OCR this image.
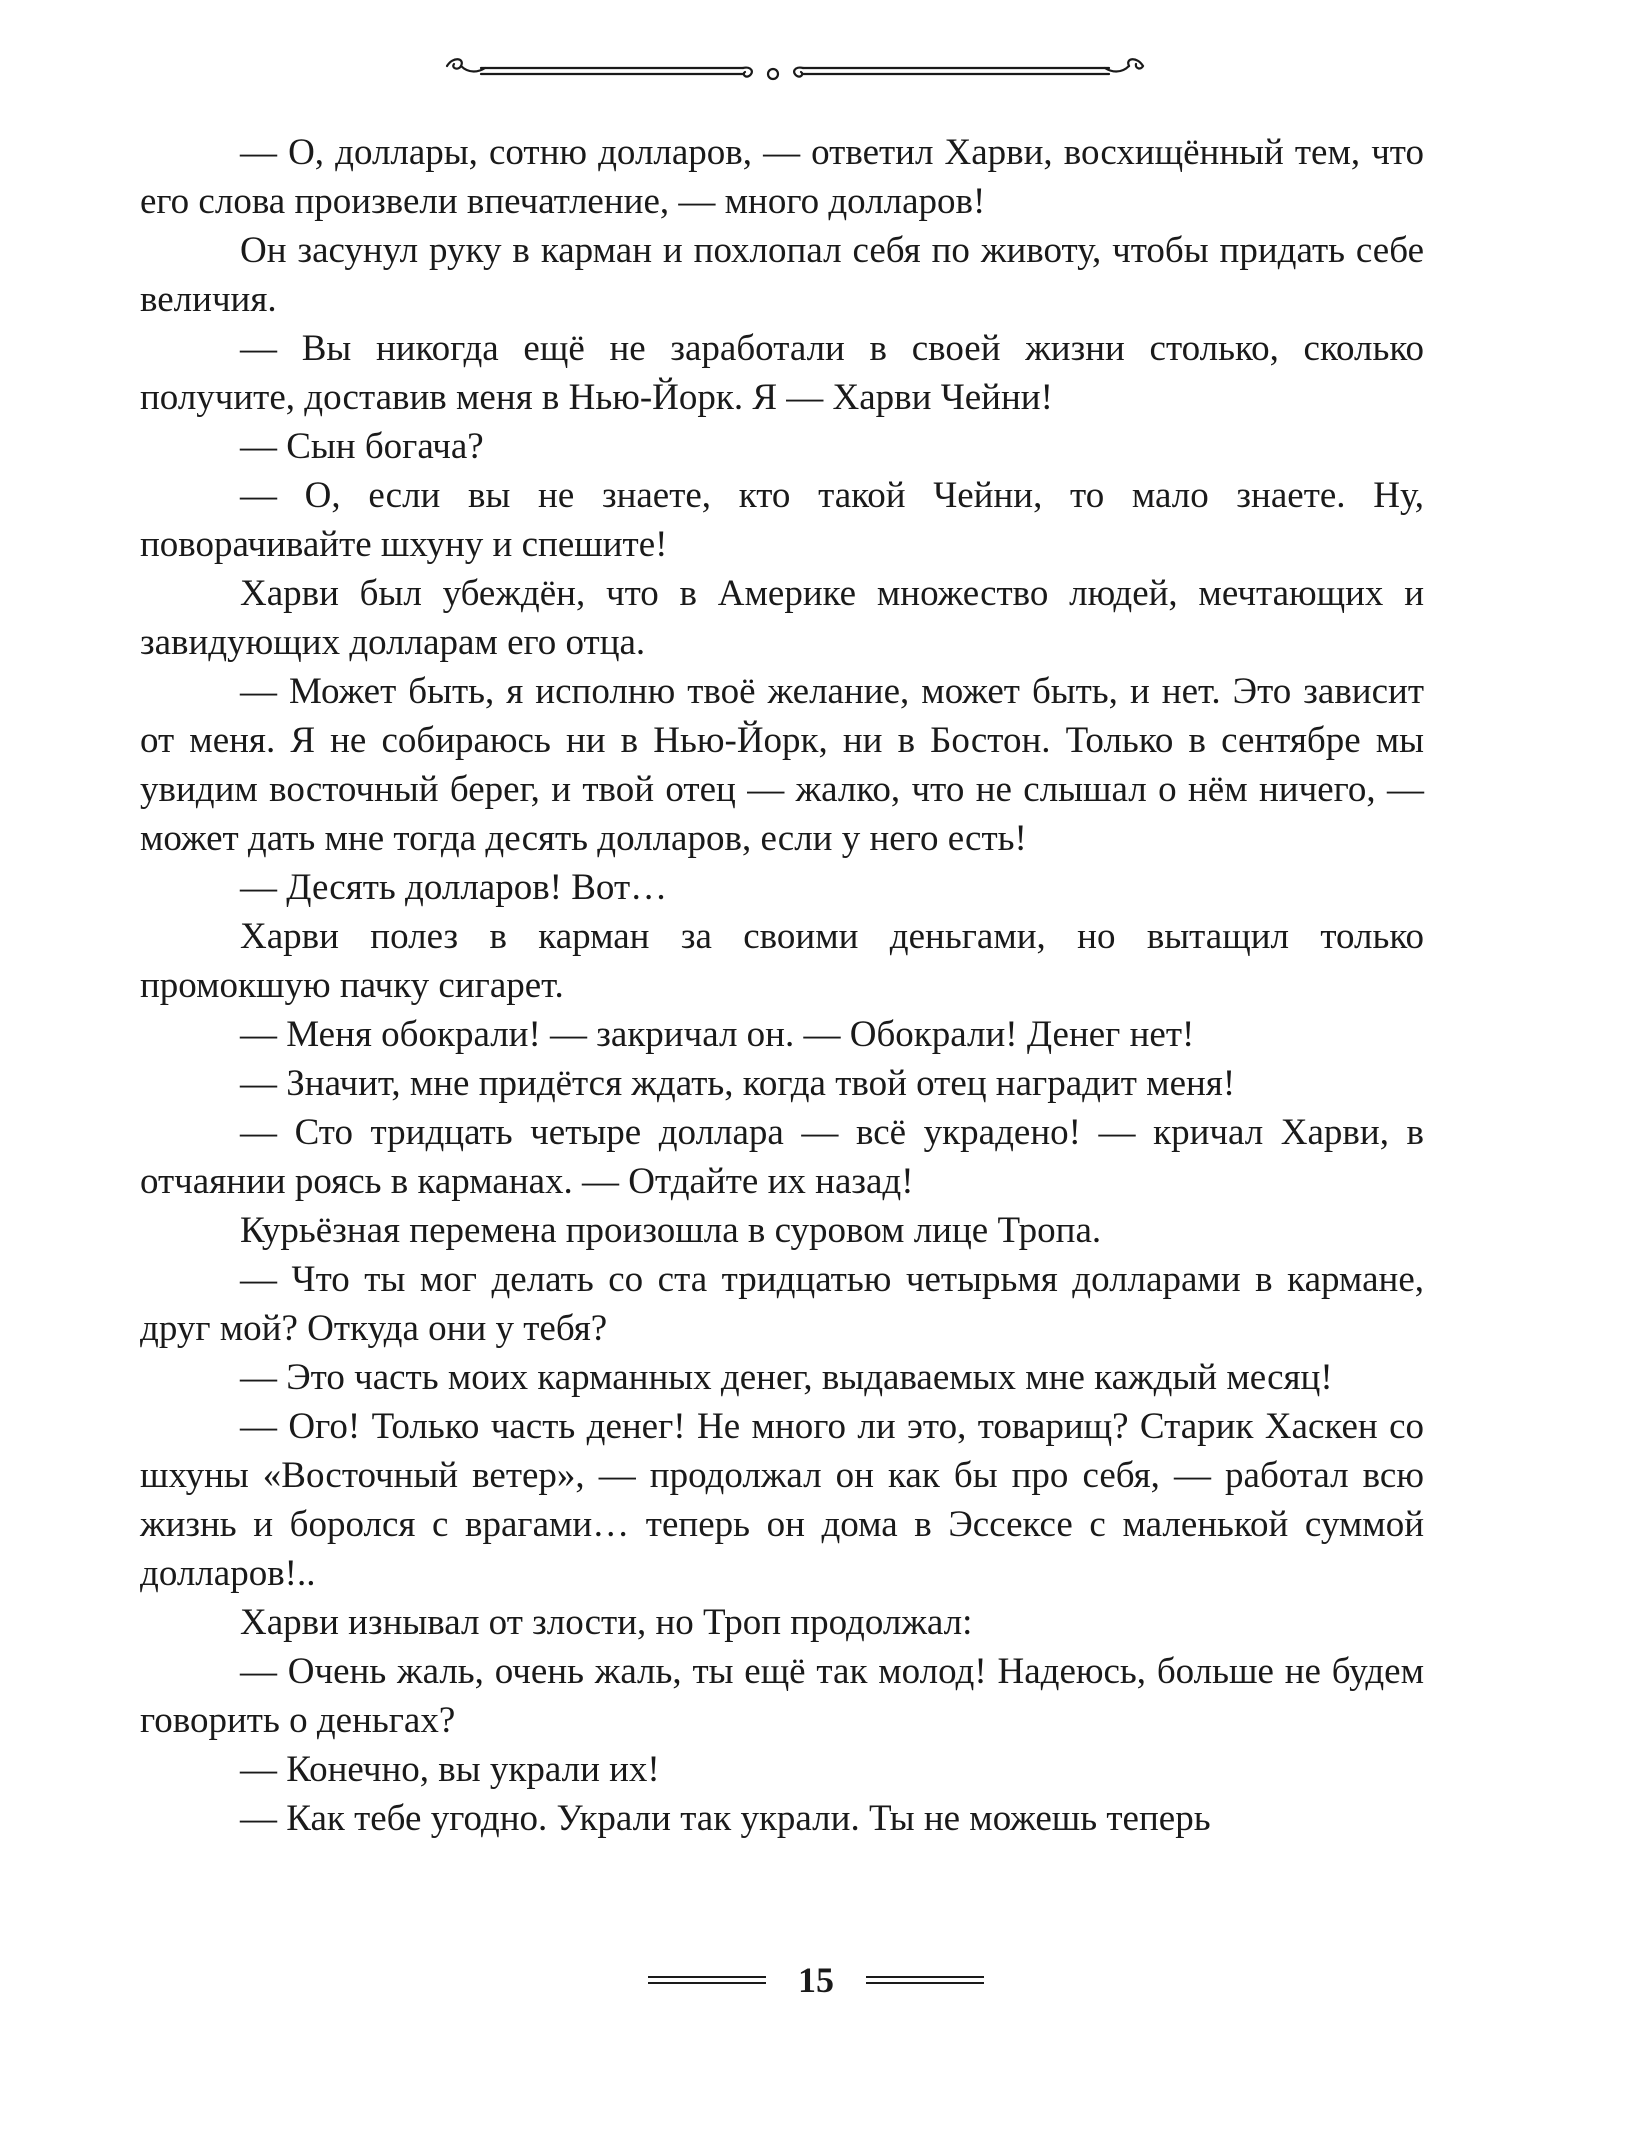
— О, доллары, сотню долларов, — ответил Харви, восхищённый тем, что его слова произвели впечатление, — много долларов!

Он засунул руку в карман и похлопал себя по животу, чтобы придать себе величия.

— Вы никогда ещё не заработали в своей жизни столько, сколько получите, доставив меня в Нью-Йорк. Я — Харви Чейни!

— Сын богача?

— О, если вы не знаете, кто такой Чейни, то мало знаете. Ну, поворачивайте шхуну и спешите!

Харви был убеждён, что в Америке множество людей, мечтающих и завидующих долларам его отца.

— Может быть, я исполню твоё желание, может быть, и нет. Это зависит от меня. Я не собираюсь ни в Нью-Йорк, ни в Бостон. Только в сентябре мы увидим восточный берег, и твой отец — жалко, что не слышал о нём ничего, — может дать мне тогда десять долларов, если у него есть!

— Десять долларов! Вот…

Харви полез в карман за своими деньгами, но вытащил только промокшую пачку сигарет.

— Меня обокрали! — закричал он. — Обокрали! Денег нет!

— Значит, мне придётся ждать, когда твой отец наградит меня!

— Сто тридцать четыре доллара — всё украдено! — кричал Харви, в отчаянии роясь в карманах. — Отдайте их назад!

Курьёзная перемена произошла в суровом лице Тропа.

— Что ты мог делать со ста тридцатью четырьмя долларами в кармане, друг мой? Откуда они у тебя?

— Это часть моих карманных денег, выдаваемых мне каждый месяц!

— Ого! Только часть денег! Не много ли это, товарищ? Старик Хаскен со шхуны «Восточный ветер», — продолжал он как бы про себя, — работал всю жизнь и боролся с врагами… теперь он дома в Эссексе с маленькой суммой долларов!..

Харви изнывал от злости, но Троп продолжал:

— Очень жаль, очень жаль, ты ещё так молод! Надеюсь, больше не будем говорить о деньгах?

— Конечно, вы украли их!

— Как тебе угодно. Украли так украли. Ты не можешь теперь

15
